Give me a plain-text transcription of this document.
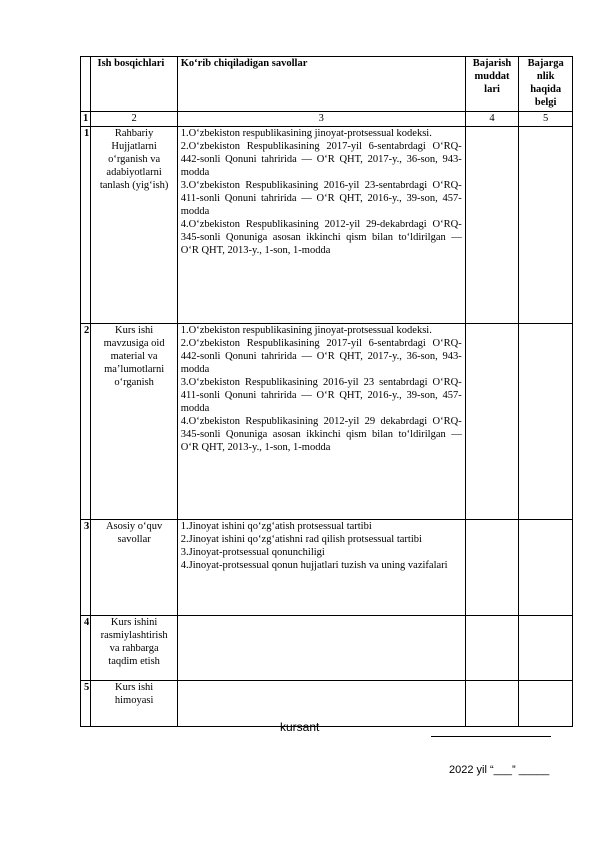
	Ish bosqichlari	Ko‘rib chiqiladigan savollar	Bajarish muddat lari	Bajarga nlik haqida belgi
1	2	3	4	5
1	Rahbariy Hujjatlarni o‘rganish va adabiyotlarni tanlash (yig‘ish)	1.O‘zbekiston respublikasining jinoyat-protsessual kodeksi.
2.O‘zbekiston Respublikasining 2017-yil 6-sentabrdagi O‘RQ-442-sonli Qonuni tahririda — O‘R QHT, 2017-y., 36-son, 943-modda
3.O‘zbekiston Respublikasining 2016-yil 23-sentabrdagi O‘RQ-411-sonli Qonuni tahririda — O‘R QHT, 2016-y., 39-son, 457-modda
4.O‘zbekiston Respublikasining 2012-yil 29-dekabrdagi O‘RQ-345-sonli Qonuniga asosan ikkinchi qism bilan to‘ldirilgan — O‘R QHT, 2013-y., 1-son, 1-modda		

2	Kurs ishi mavzusiga oid material va ma’lumotlarni o‘rganish	1.O‘zbekiston respublikasining jinoyat-protsessual kodeksi.
2.O‘zbekiston Respublikasining 2017-yil 6-sentabrdagi O‘RQ-442-sonli Qonuni tahririda — O‘R QHT, 2017-y., 36-son, 943-modda
3.O‘zbekiston Respublikasining 2016-yil 23 sentabrdagi O‘RQ-411-sonli Qonuni tahririda — O‘R QHT, 2016-y., 39-son, 457-modda
4.O‘zbekiston Respublikasining 2012-yil 29 dekabrdagi O‘RQ-345-sonli Qonuniga asosan ikkinchi qism bilan to‘ldirilgan — O‘R QHT, 2013-y., 1-son, 1-modda		

3	Asosiy o‘quv savollar	1.Jinoyat ishini qo‘zg‘atish protsessual tartibi
2.Jinoyat ishini qo‘zg‘atishni rad qilish protsessual tartibi
3.Jinoyat-protsessual qonunchiligi
4.Jinoyat-protsessual qonun hujjatlari tuzish va uning vazifalari		

4	Kurs ishini rasmiylashtirish va rahbarga taqdim etish			
5	Kurs ishi himoyasi			
kursant
2022 yil “___” _____
